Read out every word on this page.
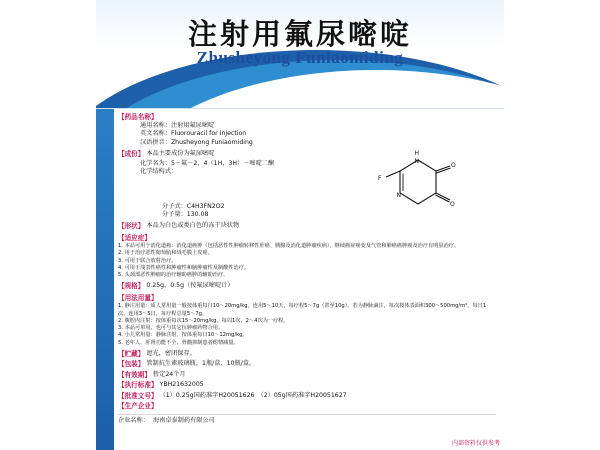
注射用氟尿嘧啶
Zhusheyong Funiaomiding
【药品名称】
通用名称：注射用氟尿嘧啶
英文名称：Fluorouracil for Injection
汉语拼音：Zhusheyong Funiaomiding
【成份】 本品主要成份为氟尿嘧啶
化学名为：5－氟－2，4（1H，3H）－嘧啶二酮
化学结构式：
分子式：C4H3FN2O2
分子量：130.08
N
H
N
O
O
F
【形状】 本品为白色或类白色的冻干块状物
【适应症】
1. 本品可用于消化道癌：消化道癌肿（包括恶性性肿瘤转移性肝癌、胰腺及消化道肿瘤疾病），继续癌症癌变及气管和肺癌癌肿癌及治疗有明显治疗。
2. 用于治疗恶性葡萄胎和绒毛膜上皮癌。
3. 可用于联合放射治疗。
4. 可用于浅表性癌性和肿瘤性和脑肿瘤性及制酸性治疗。
5. 头颈部恶性肿瘤的治疗辅助癌肿的辅助治疗。
【规格】 0.25g、0.5g（按氟尿嘧啶计）
【用法用量】
1. 静注用量：成人常用量一般按体重每日10～20mg/kg，连用5～10天，每疗程5～7g（甚至10g）。若为静脉滴注，每次按体表面积300～500mg/m²，每日1次，连用3～5日，每疗程总量5～7g。
2. 腹腔内注射：按体重每次15～20mg/kg，每周1次，2～4次为一疗程。
3. 本品可单用，也可与其它抗肿瘤药物合用。
4. 小儿常用量：静脉注射，按体重每日10～12mg/kg。
5. 老年人、肝肾功能不全、骨髓抑制患者酌情减量。
【贮藏】 遮光，密闭保存。
【包装】 管制抗生素玻璃瓶，1瓶/盒、10瓶/盒。
【有效期】 暂定24个月
【执行标准】 YBH21632005
【批准文号】 （1）0.25g国药准字H20051626　（2）05g国药准字H20051627
【生产企业】
企业名称： 海南卓泰制药有限公司
内部资料仅供参考
